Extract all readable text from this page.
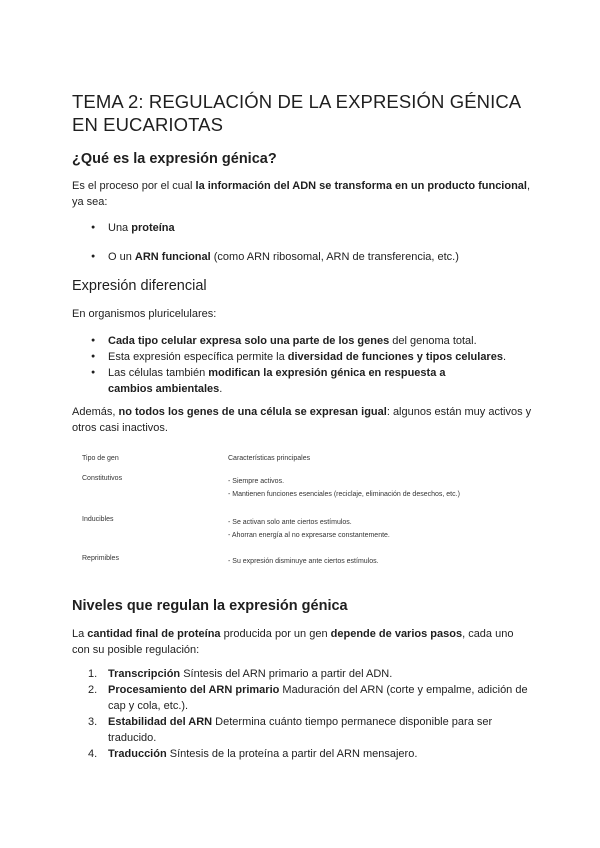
TEMA 2: REGULACIÓN DE LA EXPRESIÓN GÉNICA EN EUCARIOTAS
¿Qué es la expresión génica?

Es el proceso por el cual la información del ADN se transforma en un producto funcional, ya sea:

● Una proteína
● O un ARN funcional (como ARN ribosomal, ARN de transferencia, etc.)
Expresión diferencial

En organismos pluricelulares:

● Cada tipo celular expresa solo una parte de los genes del genoma total.
● Esta expresión específica permite la diversidad de funciones y tipos celulares.
● Las células también modifican la expresión génica en respuesta a cambios ambientales.

Además, no todos los genes de una célula se expresan igual: algunos están muy activos y otros casi inactivos.

Tipo de gen	Características principales
Constitutivos	- Siempre activos.
- Mantienen funciones esenciales (reciclaje, eliminación de desechos, etc.)
Inducibles	- Se activan solo ante ciertos estímulos.
- Ahorran energía al no expresarse constantemente.
Reprimibles	- Su expresión disminuye ante ciertos estímulos.
Niveles que regulan la expresión génica

La cantidad final de proteína producida por un gen depende de varios pasos, cada uno con su posible regulación:

1. Transcripción Síntesis del ARN primario a partir del ADN.
2. Procesamiento del ARN primario Maduración del ARN (corte y empalme, adición de cap y cola, etc.).
3. Estabilidad del ARN Determina cuánto tiempo permanece disponible para ser traducido.
4. Traducción Síntesis de la proteína a partir del ARN mensajero.
